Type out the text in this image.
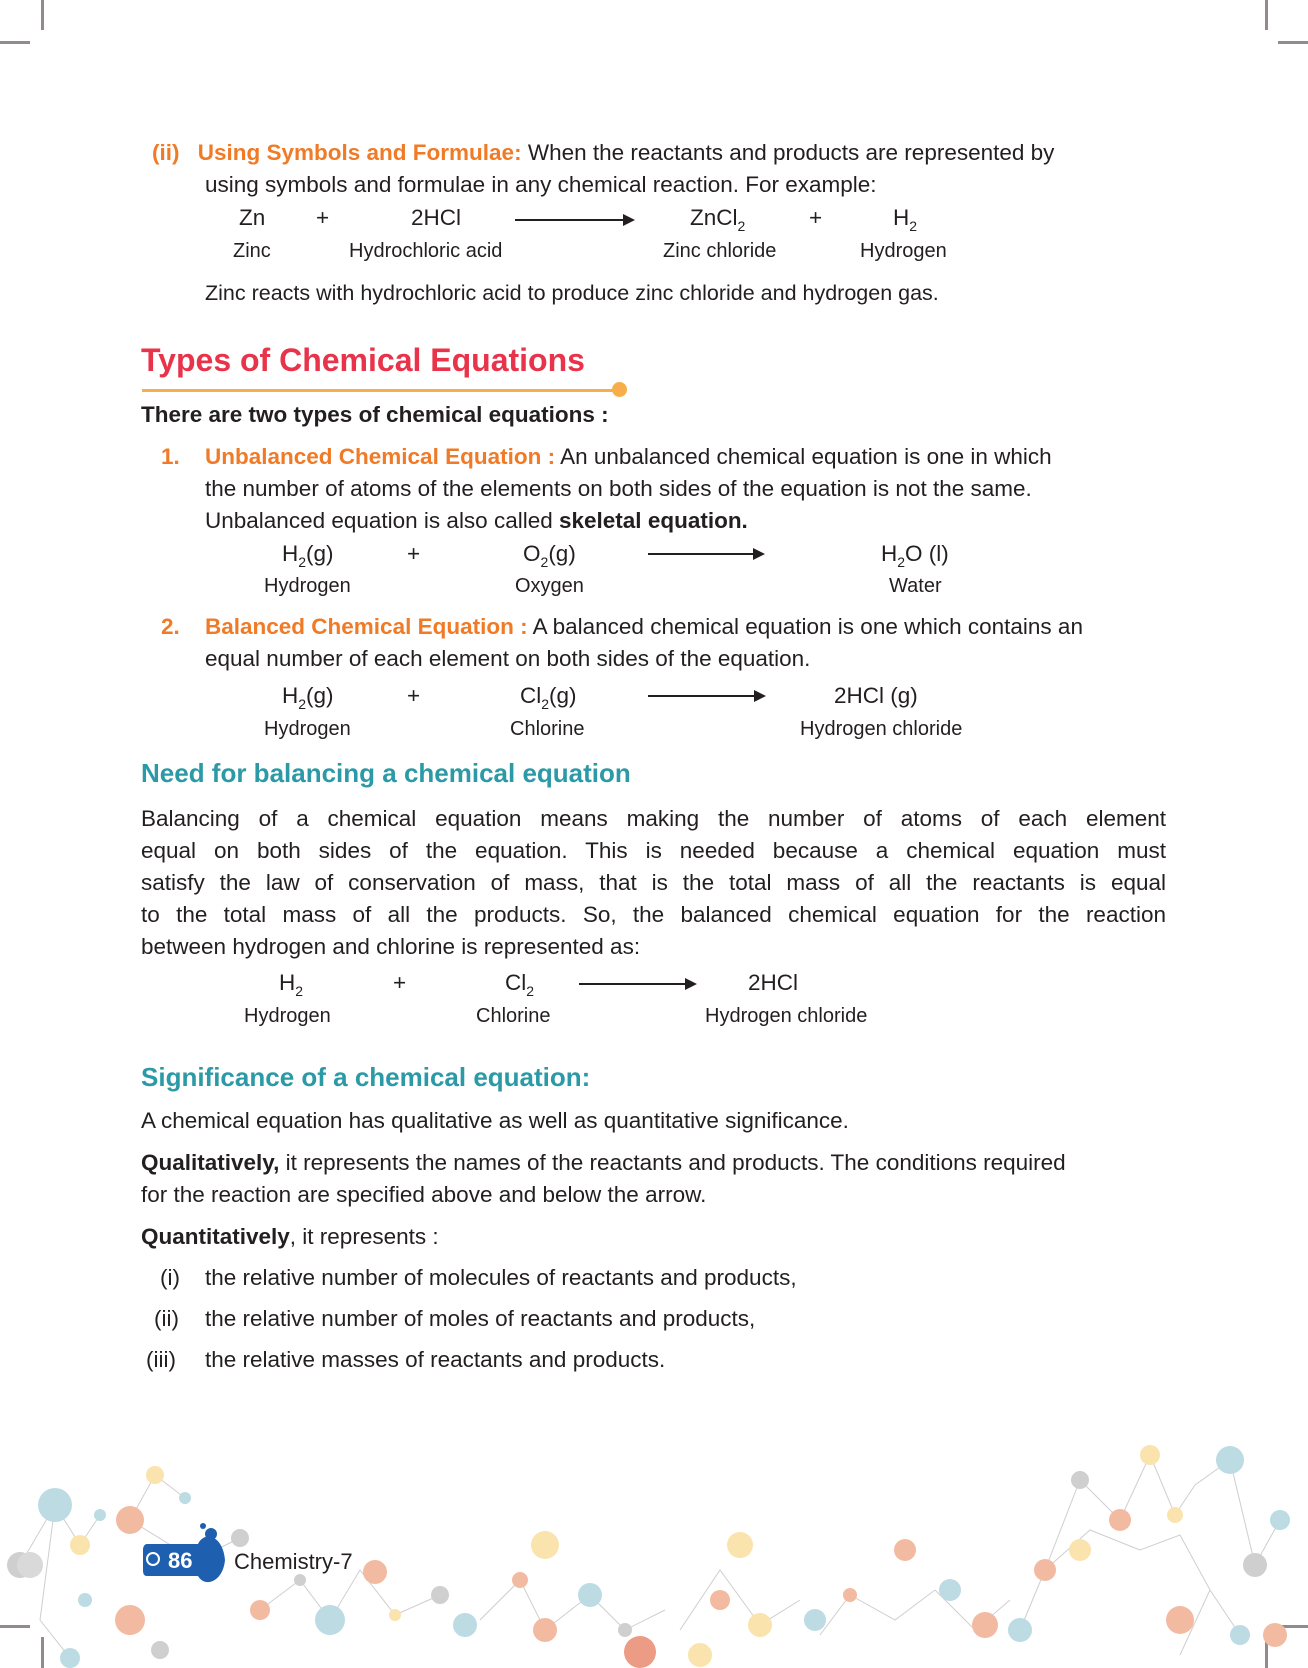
(ii) Using Symbols and Formulae: When the reactants and products are represented by
using symbols and formulae in any chemical reaction. For example:
Zn +	2HCl	ZnCl$_2$	+	$H_2$
Zinc	Hydrochloric acid	Zinc chloride	Hydrogen
Zinc reacts with hydrochloric acid to produce zinc chloride and hydrogen gas.
Types of Chemical Equations
There are two types of chemical equations :
1. Unbalanced Chemical Equation : An unbalanced chemical equation is one in which
the number of atoms of the elements on both sides of the equation is not the same.
Unbalanced equation is also called skeletal equation.
$H_2(g)$	+	$O_2(g)$	$H_2O$ (l)
Hydrogen	Oxygen	Water
2. Balanced Chemical Equation : A balanced chemical equation is one which contains an
equal number of each element on both sides of the equation.
$H_2(g)$	+	$Cl_2(g)$	2HCl (g)
Hydrogen	Chlorine	Hydrogen chloride
Need for balancing a chemical equation
Balancing of a chemical equation means making the number of atoms of each element
equal on both sides of the equation. This is needed because a chemical equation must
satisfy the law of conservation of mass, that is the total mass of all the reactants is equal
to the total mass of all the products. So, the balanced chemical equation for the reaction
between hydrogen and chlorine is represented as:
$H_2$	+	$Cl_2$	2HCl
Hydrogen	Chlorine	Hydrogen chloride
Significance of a chemical equation:
A chemical equation has qualitative as well as quantitative significance.
Qualitatively, it represents the names of the reactants and products. The conditions required
for the reaction are specified above and below the arrow.
Quantitatively, it represents :
(i) the relative number of molecules of reactants and products,
(ii) the relative number of moles of reactants and products,
(iii) the relative masses of reactants and products.
86 Chemistry-7
